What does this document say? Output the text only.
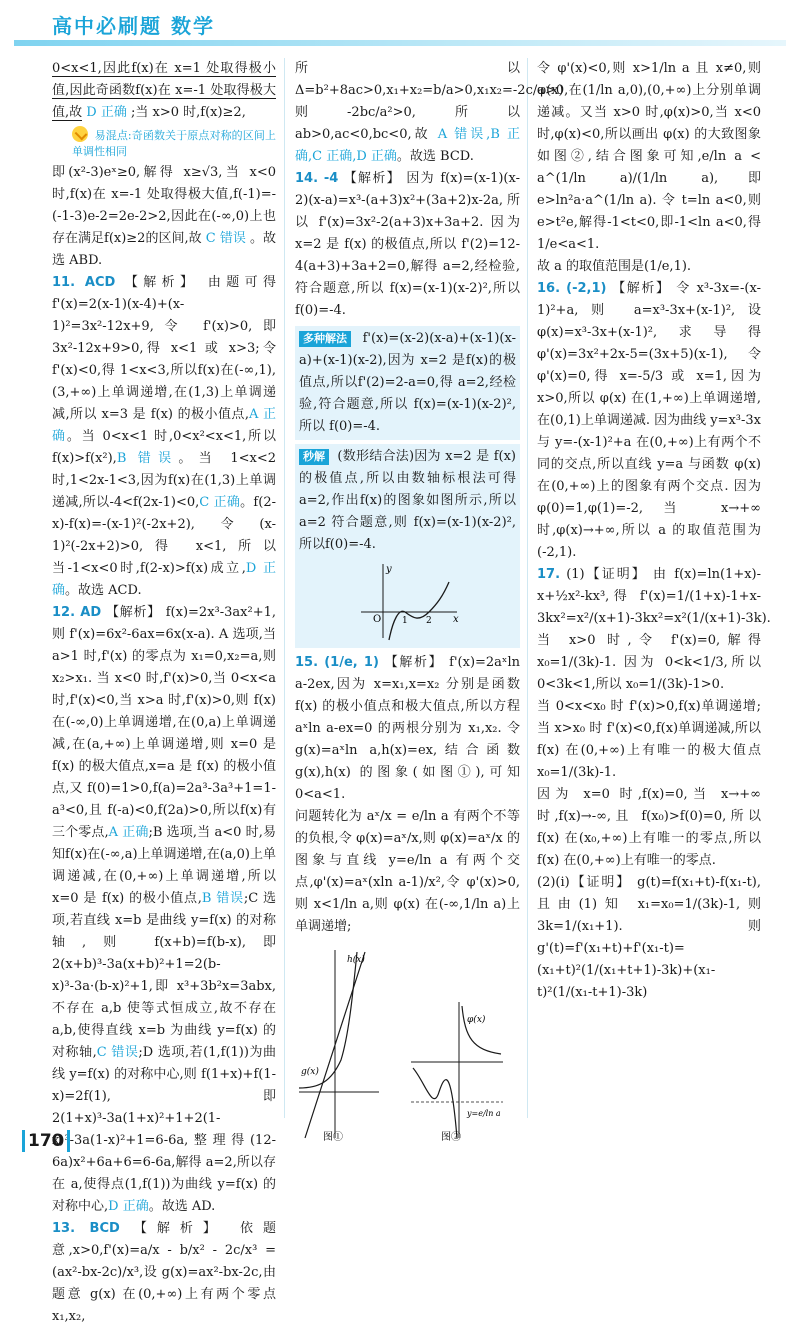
高中必刷题 数学

0<x<1,因此f(x)在 x=1 处取得极小值,因此奇函数f(x)在 x=-1 处取得极大值,故 D 正确 ;当 x>0 时,f(x)≥2,

易混点:奇函数关于原点对称的区间上单调性相同

即(x²-3)eˣ≥0,解得 x≥√3,当 x<0 时,f(x)在 x=-1 处取得极大值,f(-1)=-(-1-3)e-2=2e-2>2,因此在(-∞,0)上也存在满足f(x)≥2的区间,故 C 错误 。故选 ABD.

11. ACD 【解析】 由题可得 f'(x)=2(x-1)(x-4)+(x-1)²=3x²-12x+9,令 f'(x)>0,即 3x²-12x+9>0,得 x<1 或 x>3;令 f'(x)<0,得 1<x<3,所以f(x)在(-∞,1),(3,+∞)上单调递增,在(1,3)上单调递减,所以 x=3 是 f(x) 的极小值点,A 正确。当 0<x<1 时,0<x²<x<1,所以 f(x)>f(x²),B 错误。当 1<x<2 时,1<2x-1<3,因为f(x)在(1,3)上单调递减,所以-4<f(2x-1)<0,C 正确。f(2-x)-f(x)=-(x-1)²(-2x+2),令(x-1)²(-2x+2)>0,得 x<1,所以当-1<x<0时,f(2-x)>f(x)成立,D 正确。故选 ACD.

12. AD 【解析】 f(x)=2x³-3ax²+1,则 f'(x)=6x²-6ax=6x(x-a). A 选项,当 a>1 时,f'(x) 的零点为 x₁=0,x₂=a,则 x₂>x₁. 当 x<0 时,f'(x)>0,当 0<x<a 时,f'(x)<0,当 x>a 时,f'(x)>0,则 f(x) 在(-∞,0)上单调递增,在(0,a)上单调递减,在(a,+∞)上单调递增,则 x=0 是 f(x) 的极大值点,x=a 是 f(x) 的极小值点,又 f(0)=1>0,f(a)=2a³-3a³+1=1-a³<0,且 f(-a)<0,f(2a)>0,所以f(x)有三个零点,A 正确;B 选项,当 a<0 时,易知f(x)在(-∞,a)上单调递增,在(a,0)上单调递减,在(0,+∞)上单调递增,所以 x=0 是 f(x) 的极小值点,B 错误;C 选项,若直线 x=b 是曲线 y=f(x) 的对称轴,则 f(x+b)=f(b-x),即 2(x+b)³-3a(x+b)²+1=2(b-x)³-3a·(b-x)²+1,即 x³+3b²x=3abx,不存在 a,b 使等式恒成立,故不存在 a,b,使得直线 x=b 为曲线 y=f(x) 的对称轴,C 错误;D 选项,若(1,f(1))为曲线 y=f(x) 的对称中心,则 f(1+x)+f(1-x)=2f(1),即 2(1+x)³-3a(1+x)²+1+2(1-x)³-3a(1-x)²+1=6-6a,整理得(12-6a)x²+6a+6=6-6a,解得 a=2,所以存在 a,使得点(1,f(1))为曲线 y=f(x) 的对称中心,D 正确。故选 AD.

13. BCD 【解析】 依题意,x>0,f'(x)=a/x - b/x² - 2c/x³ = (ax²-bx-2c)/x³,设 g(x)=ax²-bx-2c,由题意 g(x) 在(0,+∞)上有两个零点 x₁,x₂,

所以 Δ=b²+8ac>0,x₁+x₂=b/a>0,x₁x₂=-2c/a>0,则-2bc/a²>0,所以 ab>0,ac<0,bc<0,故 A 错误,B 正确,C 正确,D 正确。故选 BCD.

14. -4 【解析】 因为 f(x)=(x-1)(x-2)(x-a)=x³-(a+3)x²+(3a+2)x-2a,所以 f'(x)=3x²-2(a+3)x+3a+2. 因为 x=2 是 f(x) 的极值点,所以 f'(2)=12-4(a+3)+3a+2=0,解得 a=2,经检验,符合题意,所以 f(x)=(x-1)(x-2)²,所以 f(0)=-4.

多种解法 f'(x)=(x-2)(x-a)+(x-1)(x-a)+(x-1)(x-2),因为 x=2 是f(x)的极值点,所以f'(2)=2-a=0,得 a=2,经检验,符合题意,所以 f(x)=(x-1)(x-2)²,所以 f(0)=-4.
秒解 (数形结合法)因为 x=2 是 f(x) 的极值点,所以由数轴标根法可得 a=2,作出f(x)的图象如图所示,所以 a=2 符合题意,则 f(x)=(x-1)(x-2)²,所以f(0)=-4.
y
x
O 1 2

15. (1/e, 1) 【解析】 f'(x)=2aˣln a-2ex,因为 x=x₁,x=x₂ 分别是函数 f(x) 的极小值点和极大值点,所以方程 aˣln a-ex=0 的两根分别为 x₁,x₂. 令 g(x)=aˣln a,h(x)=ex,结合函数 g(x),h(x) 的图象(如图①),可知 0<a<1.

问题转化为 aˣ/x = e/ln a 有两个不等的负根,令 φ(x)=aˣ/x,则 φ(x)=aˣ/x 的图象与直线 y=e/ln a 有两个交点,φ'(x)=aˣ(xln a-1)/x²,令 φ'(x)>0,则 x<1/ln a,则 φ(x) 在(-∞,1/ln a)上单调递增;

h(x)
g(x)
图①
φ(x)
y=e/ln a
图②

令 φ'(x)<0,则 x>1/ln a 且 x≠0,则 φ(x) 在(1/ln a,0),(0,+∞)上分别单调递减。又当 x>0 时,φ(x)>0,当 x<0 时,φ(x)<0,所以画出 φ(x) 的大致图象如图②,结合图象可知,e/ln a < a^(1/ln a)/(1/ln a),即 e>ln²a·a^(1/ln a). 令 t=ln a<0,则 e>t²e,解得-1<t<0,即-1<ln a<0,得 1/e<a<1.

故 a 的取值范围是(1/e,1).

16. (-2,1) 【解析】 令 x³-3x=-(x-1)²+a,则 a=x³-3x+(x-1)²,设 φ(x)=x³-3x+(x-1)²,求导得 φ'(x)=3x²+2x-5=(3x+5)(x-1),令 φ'(x)=0,得 x=-5/3 或 x=1,因为 x>0,所以 φ(x) 在(1,+∞)上单调递增,在(0,1)上单调递减. 因为曲线 y=x³-3x 与 y=-(x-1)²+a 在(0,+∞)上有两个不同的交点,所以直线 y=a 与函数 φ(x) 在(0,+∞)上的图象有两个交点. 因为 φ(0)=1,φ(1)=-2,当 x→+∞ 时,φ(x)→+∞,所以 a 的取值范围为(-2,1).

17. (1)【证明】 由 f(x)=ln(1+x)-x+½x²-kx³,得 f'(x)=1/(1+x)-1+x-3kx²=x²/(x+1)-3kx²=x²(1/(x+1)-3k).

当 x>0 时,令 f'(x)=0,解得 x₀=1/(3k)-1. 因为 0<k<1/3,所以 0<3k<1,所以 x₀=1/(3k)-1>0.

当 0<x<x₀ 时 f'(x)>0,f(x)单调递增;当 x>x₀ 时 f'(x)<0,f(x)单调递减,所以 f(x) 在(0,+∞)上有唯一的极大值点 x₀=1/(3k)-1.

因为 x=0 时,f(x)=0,当 x→+∞ 时,f(x)→-∞,且 f(x₀)>f(0)=0,所以 f(x) 在(x₀,+∞)上有唯一的零点,所以 f(x) 在(0,+∞)上有唯一的零点.

(2)(i)【证明】 g(t)=f(x₁+t)-f(x₁-t),且由(1)知 x₁=x₀=1/(3k)-1,则 3k=1/(x₁+1). 则 g'(t)=f'(x₁+t)+f'(x₁-t)=(x₁+t)²(1/(x₁+t+1)-3k)+(x₁-t)²(1/(x₁-t+1)-3k)

170
